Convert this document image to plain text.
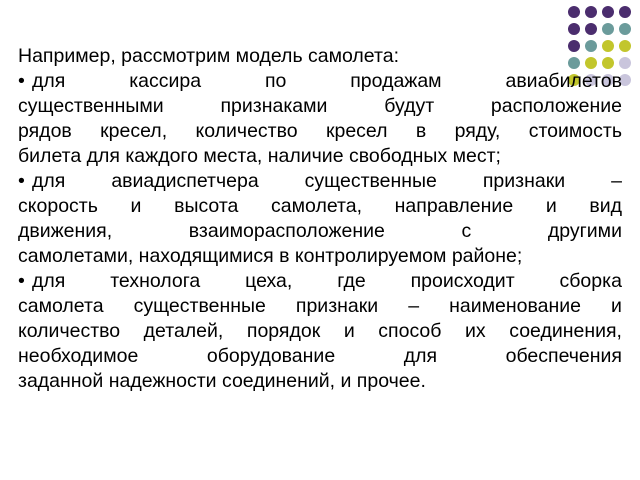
Например, рассмотрим модель самолета:
• для	кассира	по	продажам	авиабилетов
существенными	признаками	будут	расположение
рядов кресел, количество кресел в ряду, стоимость
билета для каждого места, наличие свободных мест;
• для авиадиспетчера существенные признаки –
скорость и высота самолета, направление и вид
движения,	взаиморасположение	с	другими
самолетами, находящимися в контролируемом районе;
• для технолога цеха, где происходит сборка
самолета существенные признаки – наименование и
количество деталей, порядок и способ их соединения,
необходимое	оборудование	для	обеспечения
заданной надежности соединений, и прочее.
